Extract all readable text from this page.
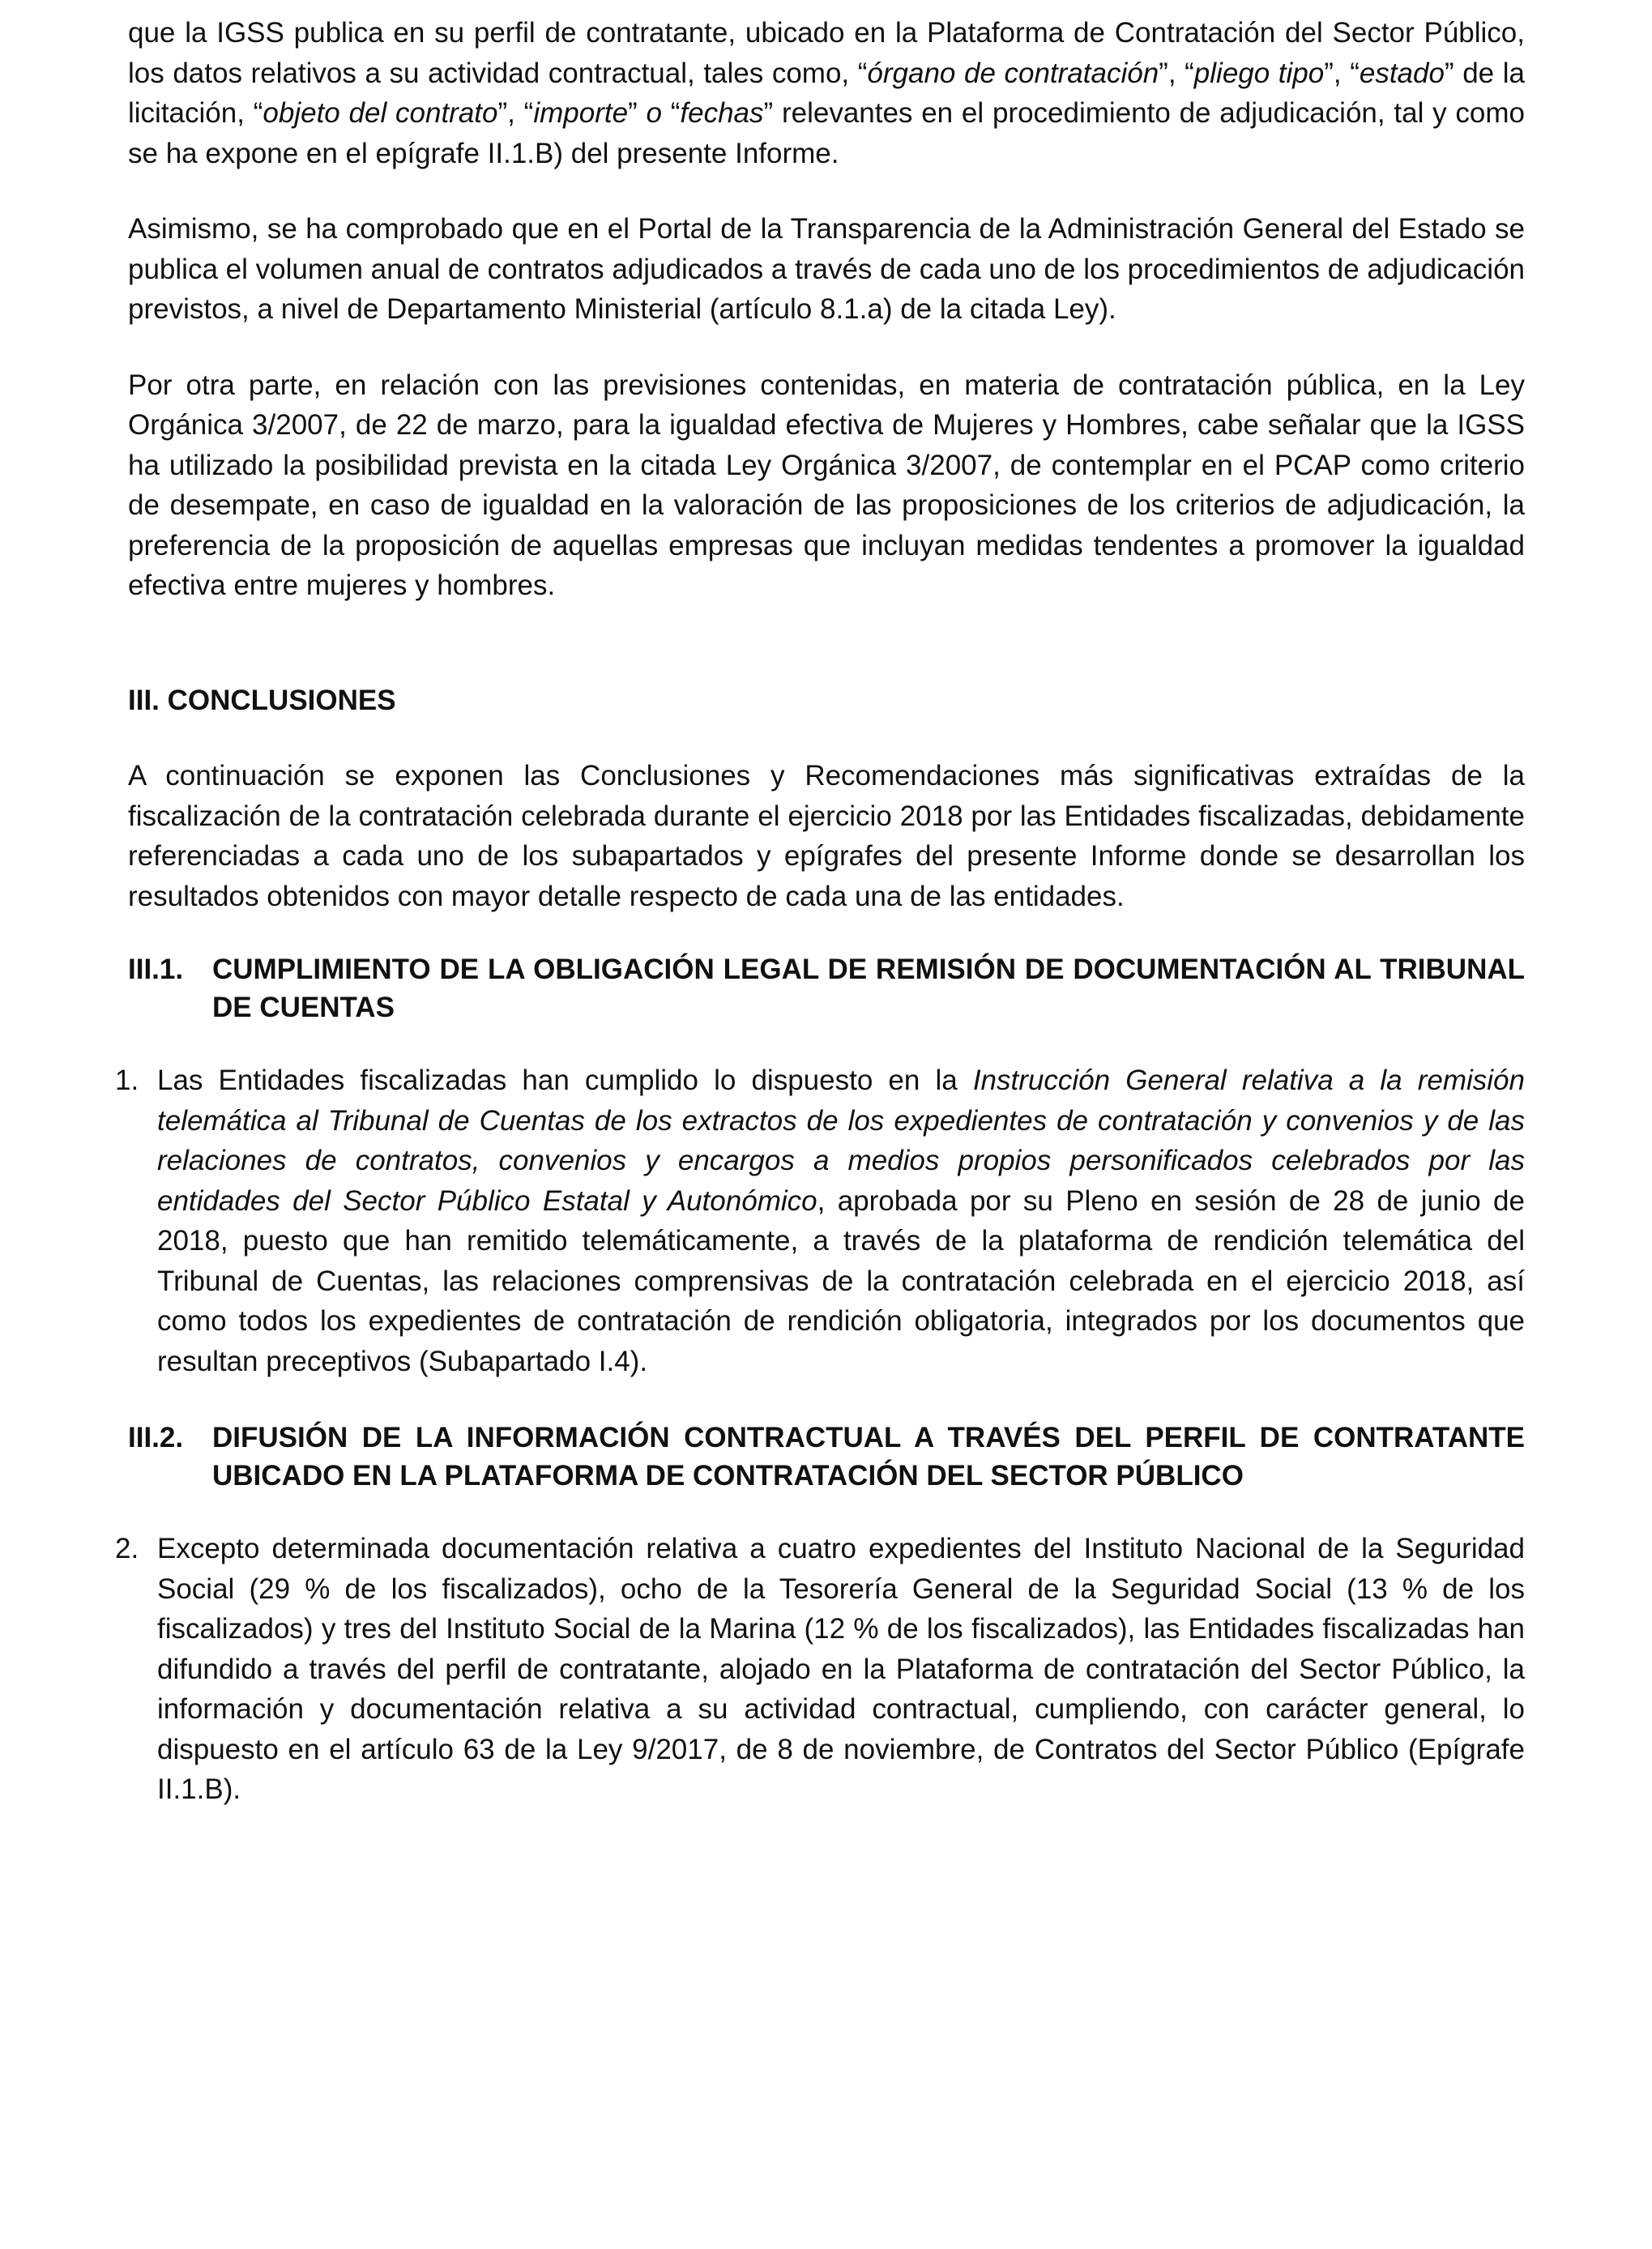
que la IGSS publica en su perfil de contratante, ubicado en la Plataforma de Contratación del Sector Público, los datos relativos a su actividad contractual, tales como, “órgano de contratación”, “pliego tipo”, “estado” de la licitación, “objeto del contrato”, “importe” o “fechas” relevantes en el procedimiento de adjudicación, tal y como se ha expone en el epígrafe II.1.B) del presente Informe.

Asimismo, se ha comprobado que en el Portal de la Transparencia de la Administración General del Estado se publica el volumen anual de contratos adjudicados a través de cada uno de los procedimientos de adjudicación previstos, a nivel de Departamento Ministerial (artículo 8.1.a) de la citada Ley).

Por otra parte, en relación con las previsiones contenidas, en materia de contratación pública, en la Ley Orgánica 3/2007, de 22 de marzo, para la igualdad efectiva de Mujeres y Hombres, cabe señalar que la IGSS ha utilizado la posibilidad prevista en la citada Ley Orgánica 3/2007, de contemplar en el PCAP como criterio de desempate, en caso de igualdad en la valoración de las proposiciones de los criterios de adjudicación, la preferencia de la proposición de aquellas empresas que incluyan medidas tendentes a promover la igualdad efectiva entre mujeres y hombres.

III. CONCLUSIONES

A continuación se exponen las Conclusiones y Recomendaciones más significativas extraídas de la fiscalización de la contratación celebrada durante el ejercicio 2018 por las Entidades fiscalizadas, debidamente referenciadas a cada uno de los subapartados y epígrafes del presente Informe donde se desarrollan los resultados obtenidos con mayor detalle respecto de cada una de las entidades.

III.1.	CUMPLIMIENTO DE LA OBLIGACIÓN LEGAL DE REMISIÓN DE DOCUMENTACIÓN AL TRIBUNAL DE CUENTAS
1. Las Entidades fiscalizadas han cumplido lo dispuesto en la Instrucción General relativa a la remisión telemática al Tribunal de Cuentas de los extractos de los expedientes de contratación y convenios y de las relaciones de contratos, convenios y encargos a medios propios personificados celebrados por las entidades del Sector Público Estatal y Autonómico, aprobada por su Pleno en sesión de 28 de junio de 2018, puesto que han remitido telemáticamente, a través de la plataforma de rendición telemática del Tribunal de Cuentas, las relaciones comprensivas de la contratación celebrada en el ejercicio 2018, así como todos los expedientes de contratación de rendición obligatoria, integrados por los documentos que resultan preceptivos (Subapartado I.4).
III.2.	DIFUSIÓN DE LA INFORMACIÓN CONTRACTUAL A TRAVÉS DEL PERFIL DE CONTRATANTE UBICADO EN LA PLATAFORMA DE CONTRATACIÓN DEL SECTOR PÚBLICO
2. Excepto determinada documentación relativa a cuatro expedientes del Instituto Nacional de la Seguridad Social (29 % de los fiscalizados), ocho de la Tesorería General de la Seguridad Social (13 % de los fiscalizados) y tres del Instituto Social de la Marina (12 % de los fiscalizados), las Entidades fiscalizadas han difundido a través del perfil de contratante, alojado en la Plataforma de contratación del Sector Público, la información y documentación relativa a su actividad contractual, cumpliendo, con carácter general, lo dispuesto en el artículo 63 de la Ley 9/2017, de 8 de noviembre, de Contratos del Sector Público (Epígrafe II.1.B).
